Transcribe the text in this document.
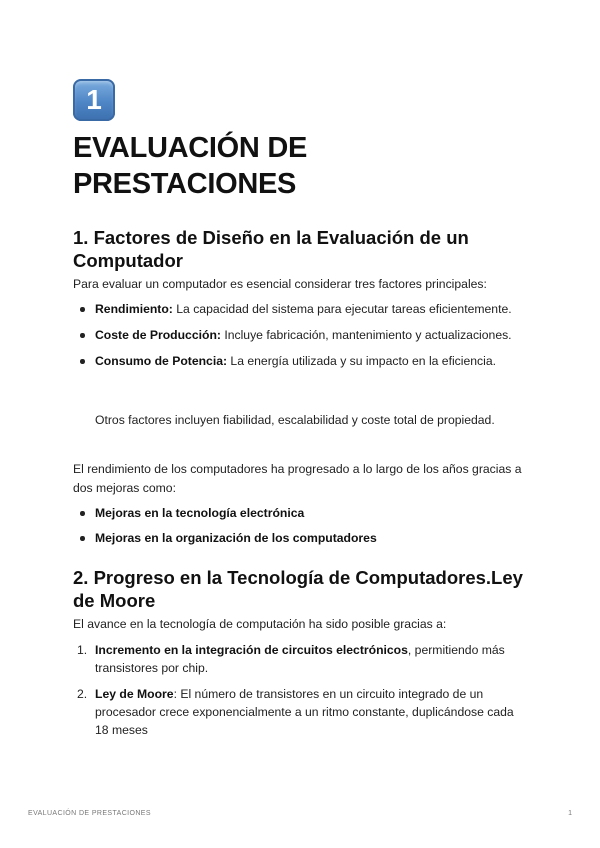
1
EVALUACIÓN DE PRESTACIONES
1. Factores de Diseño en la Evaluación de un Computador

Para evaluar un computador es esencial considerar tres factores principales:

Rendimiento: La capacidad del sistema para ejecutar tareas eficientemente.
Coste de Producción: Incluye fabricación, mantenimiento y actualizaciones.
Consumo de Potencia: La energía utilizada y su impacto en la eficiencia.

Otros factores incluyen fiabilidad, escalabilidad y coste total de propiedad.

El rendimiento de los computadores ha progresado a lo largo de los años gracias a dos mejoras como:

Mejoras en la tecnología electrónica
Mejoras en la organización de los computadores
2. Progreso en la Tecnología de Computadores.Ley de Moore

El avance en la tecnología de computación ha sido posible gracias a:

1. Incremento en la integración de circuitos electrónicos, permitiendo más transistores por chip.
2. Ley de Moore: El número de transistores en un circuito integrado de un procesador crece exponencialmente a un ritmo constante, duplicándose cada 18 meses
EVALUACIÓN DE PRESTACIONES	1
